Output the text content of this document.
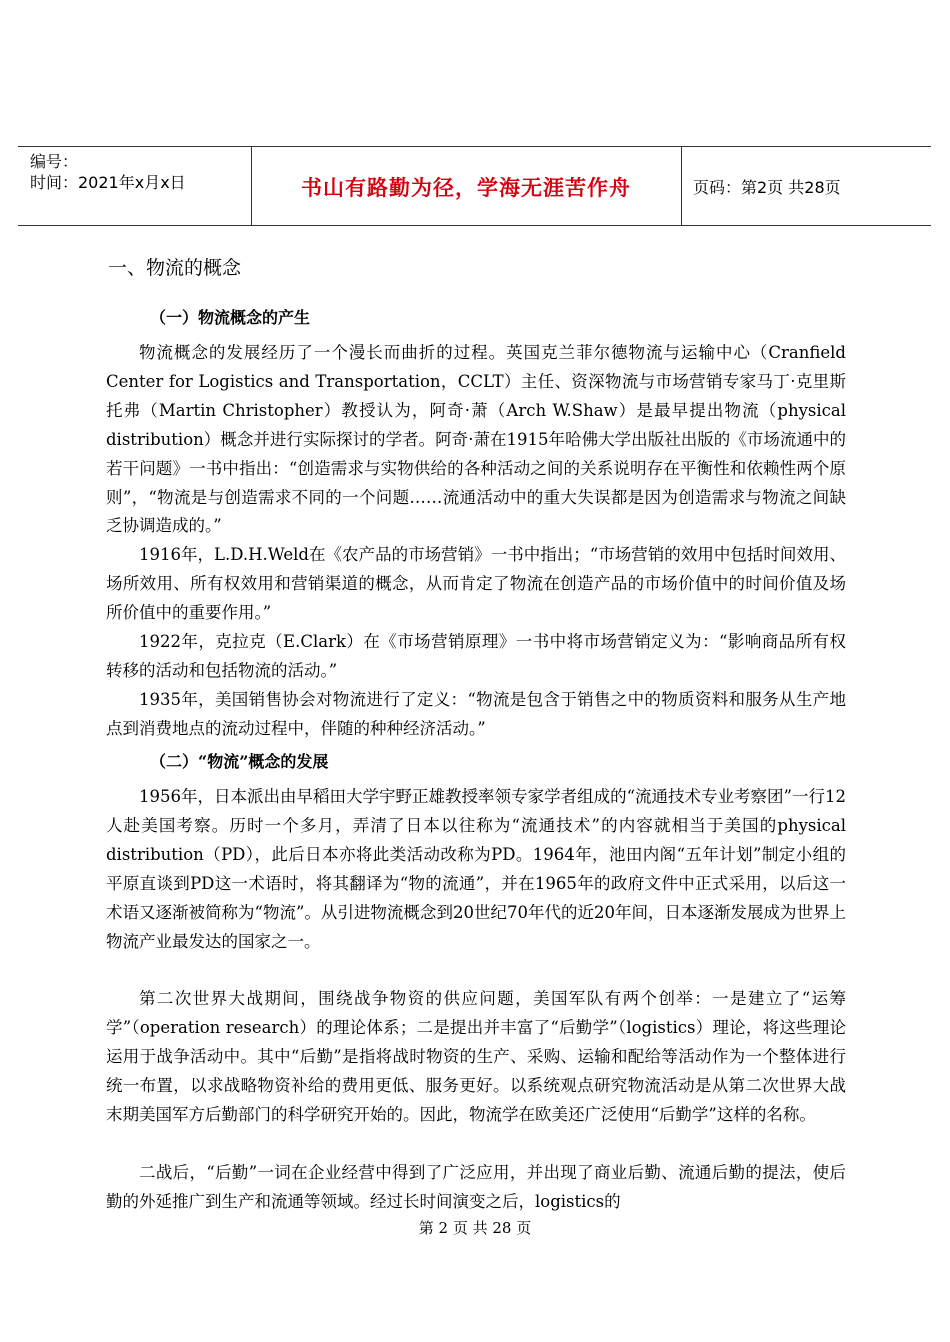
编号：
时间：2021年x月x日	书山有路勤为径，学海无涯苦作舟	页码：第2页 共28页
一、物流的概念
（一）物流概念的产生

物流概念的发展经历了一个漫长而曲折的过程。英国克兰菲尔德物流与运输中心（Cranfield Center for Logistics and Transportation，CCLT）主任、资深物流与市场营销专家马丁·克里斯托弗（Martin Christopher）教授认为，阿奇·萧（Arch W.Shaw）是最早提出物流（physical distribution）概念并进行实际探讨的学者。阿奇·萧在1915年哈佛大学出版社出版的《市场流通中的若干问题》一书中指出：“创造需求与实物供给的各种活动之间的关系说明存在平衡性和依赖性两个原则”，“物流是与创造需求不同的一个问题……流通活动中的重大失误都是因为创造需求与物流之间缺乏协调造成的。”

1916年，L.D.H.Weld在《农产品的市场营销》一书中指出；“市场营销的效用中包括时间效用、场所效用、所有权效用和营销渠道的概念，从而肯定了物流在创造产品的市场价值中的时间价值及场所价值中的重要作用。”

1922年，克拉克（E.Clark）在《市场营销原理》一书中将市场营销定义为：“影响商品所有权转移的活动和包括物流的活动。”

1935年，美国销售协会对物流进行了定义：“物流是包含于销售之中的物质资料和服务从生产地点到消费地点的流动过程中，伴随的种种经济活动。”

（二）“物流”概念的发展

1956年，日本派出由早稻田大学宇野正雄教授率领专家学者组成的“流通技术专业考察团”一行12人赴美国考察。历时一个多月，弄清了日本以往称为“流通技术”的内容就相当于美国的physical distribution（PD），此后日本亦将此类活动改称为PD。1964年，池田内阁“五年计划”制定小组的平原直谈到PD这一术语时，将其翻译为“物的流通”，并在1965年的政府文件中正式采用，以后这一术语又逐渐被简称为“物流”。从引进物流概念到20世纪70年代的近20年间，日本逐渐发展成为世界上物流产业最发达的国家之一。

第二次世界大战期间，围绕战争物资的供应问题，美国军队有两个创举：一是建立了“运筹学”（operation research）的理论体系；二是提出并丰富了“后勤学”（logistics）理论，将这些理论运用于战争活动中。其中“后勤”是指将战时物资的生产、采购、运输和配给等活动作为一个整体进行统一布置，以求战略物资补给的费用更低、服务更好。以系统观点研究物流活动是从第二次世界大战末期美国军方后勤部门的科学研究开始的。因此，物流学在欧美还广泛使用“后勤学”这样的名称。

二战后，“后勤”一词在企业经营中得到了广泛应用，并出现了商业后勤、流通后勤的提法，使后勤的外延推广到生产和流通等领域。经过长时间演变之后，logistics的

第 2 页 共 28 页
